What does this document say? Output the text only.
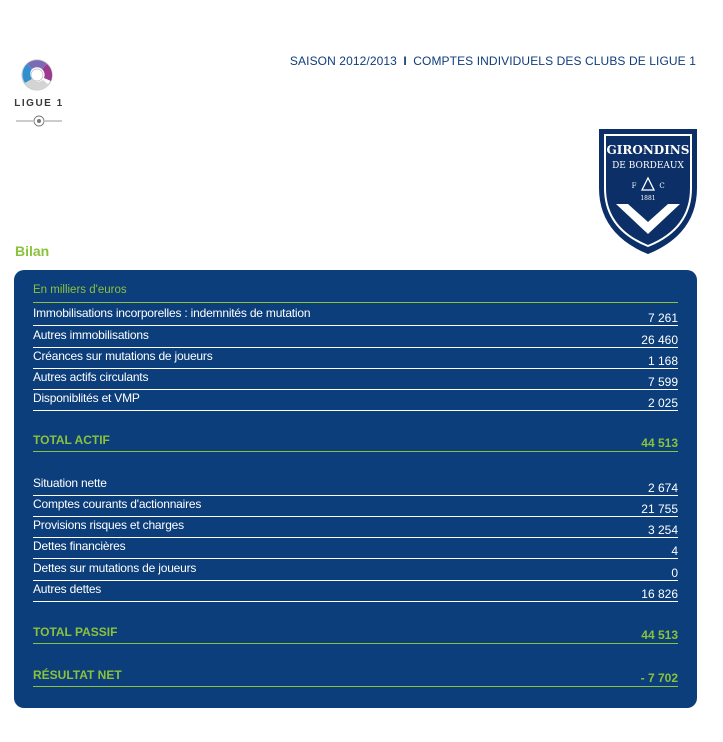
LIGUE 1
SAISON 2012/2013 I COMPTES INDIVIDUELS DES CLUBS DE LIGUE 1
GIRONDINS
DE BORDEAUX
F	C
1881
Bilan
En milliers d'euros
Immobilisations incorporelles : indemnités de mutation	7 261
Autres immobilisations	26 460
Créances sur mutations de joueurs	1 168
Autres actifs circulants	7 599
Disponiblités et VMP	2 025
TOTAL ACTIF	44 513
Situation nette	2 674
Comptes courants d'actionnaires	21 755
Provisions risques et charges	3 254
Dettes financières	4
Dettes sur mutations de joueurs	0
Autres dettes	16 826
TOTAL PASSIF	44 513
RÉSULTAT NET	- 7 702
